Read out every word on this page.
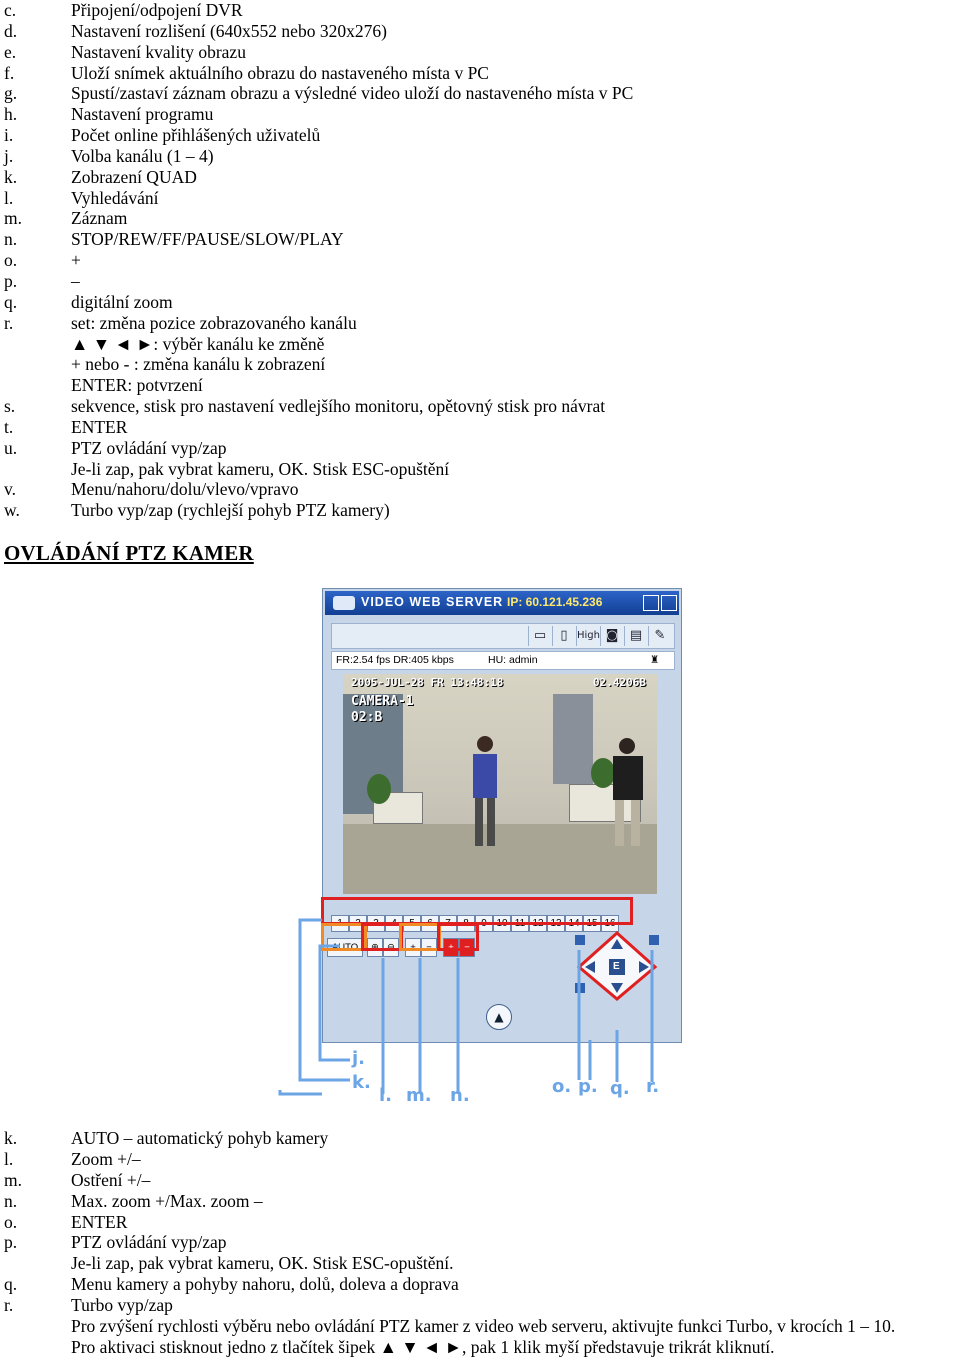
c.	Připojení/odpojení DVR
d.	Nastavení rozlišení (640x552 nebo 320x276)
e.	Nastavení kvality obrazu
f.	Uloží snímek aktuálního obrazu do nastaveného místa v PC
g.	Spustí/zastaví záznam obrazu a výsledné video uloží do nastaveného místa v PC
h.	Nastavení programu
i.	Počet online přihlášených uživatelů
j.	Volba kanálu (1 – 4)
k.	Zobrazení QUAD
l.	Vyhledávání
m.	Záznam
n.	STOP/REW/FF/PAUSE/SLOW/PLAY
o.	+
p.	–
q.	digitální zoom
r.	set: změna pozice zobrazovaného kanálu
▲ ▼ ◄ ►: výběr kanálu ke změně
+ nebo - : změna kanálu k zobrazení
ENTER: potvrzení
s.	sekvence, stisk pro nastavení vedlejšího monitoru, opětovný stisk pro návrat
t.	ENTER
u.	PTZ ovládání vyp/zap
Je-li zap, pak vybrat kameru, OK. Stisk ESC-opuštění
v.	Menu/nahoru/dolu/vlevo/vpravo
w.	Turbo vyp/zap (rychlejší pohyb PTZ kamery)
OVLÁDÁNÍ PTZ KAMER
VIDEO WEB SERVER IP: 60.121.45.236
▭	▯ High ◙ ▤ ✎
FR:2.54 fps DR:405 kbps	HU: admin	♜
2005-JUL-28 FR 13:48:18	02.4206B
CAMERA-1
02:B
1	2	3	4	5	6	7	8	9 10 11 12 13 14 15 16
AUTO	⊕ ⊖	+	−	+	−
E
▲
j.
k.
l. m. n.	o. p. q. r.
k.	AUTO – automatický pohyb kamery
l.	Zoom +/–
m.	Ostření +/–
n.	Max. zoom +/Max. zoom –
o.	ENTER
p.	PTZ ovládání vyp/zap
Je-li zap, pak vybrat kameru, OK. Stisk ESC-opuštění.
q.	Menu kamery a pohyby nahoru, dolů, doleva a doprava
r.	Turbo vyp/zap
Pro zvýšení rychlosti výběru nebo ovládání PTZ kamer z video web serveru, aktivujte funkci Turbo, v krocích 1 – 10.
Pro aktivaci stisknout jedno z tlačítek šipek ▲ ▼ ◄ ►, pak 1 klik myší představuje trikrát kliknutí.
